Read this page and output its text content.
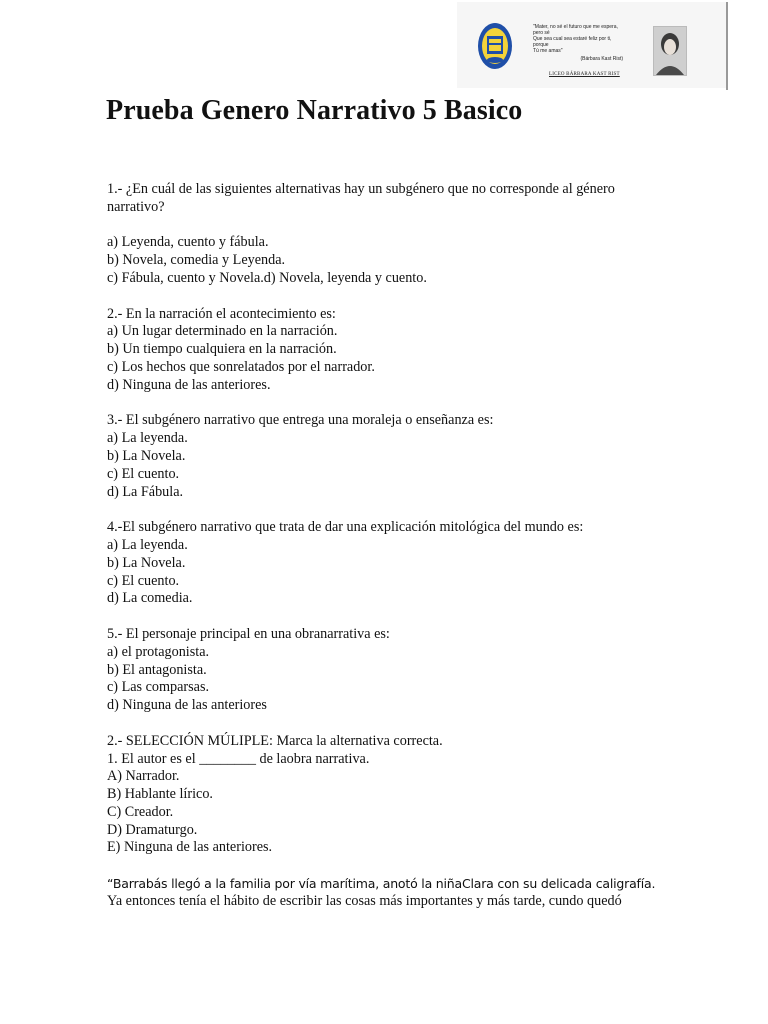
"Mater, no sé el futuro que me espera, pero sé
Que sea cual sea estaré feliz por ti, porque
Tú me amas"
(Bárbara Kast Rist)
LICEO BÁRBARA KAST RIST
Prueba Genero Narrativo 5 Basico
1.- ¿En cuál de las siguientes alternativas hay un subgénero que no corresponde al género
narrativo?
a) Leyenda, cuento y fábula.
b) Novela, comedia y Leyenda.
c) Fábula, cuento y Novela.d) Novela, leyenda y cuento.
2.- En la narración el acontecimiento es:
a) Un lugar determinado en la narración.
b) Un tiempo cualquiera en la narración.
c) Los hechos que sonrelatados por el narrador.
d) Ninguna de las anteriores.
3.- El subgénero narrativo que entrega una moraleja o enseñanza es:
a) La leyenda.
b) La Novela.
c) El cuento.
d) La Fábula.
4.-El subgénero narrativo que trata de dar una explicación mitológica del mundo es:
a) La leyenda.
b) La Novela.
c) El cuento.
d) La comedia.
5.- El personaje principal en una obranarrativa es:
a) el protagonista.
b) El antagonista.
c) Las comparsas.
d) Ninguna de las anteriores
2.- SELECCIÓN MÚLIPLE: Marca la alternativa correcta.
1. El autor es el ________ de laobra narrativa.
A) Narrador.
B) Hablante lírico.
C) Creador.
D) Dramaturgo.
E) Ninguna de las anteriores.
“Barrabás llegó a la familia por vía marítima, anotó la niñaClara con su delicada caligrafía.
Ya entonces tenía el hábito de escribir las cosas más importantes y más tarde, cundo quedó
